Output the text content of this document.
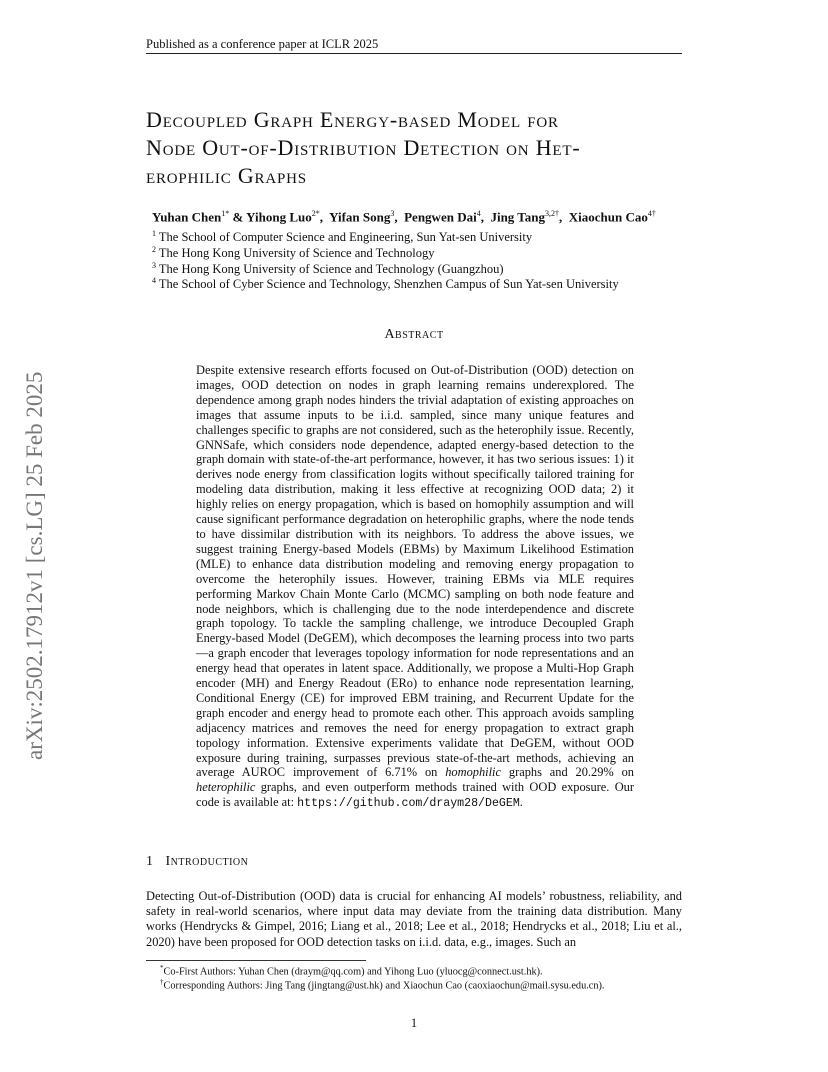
Published as a conference paper at ICLR 2025
Decoupled Graph Energy-based Model for
Node Out-of-Distribution Detection on Het-
erophilic Graphs
Yuhan Chen$^{1*}$ & Yihong Luo$^{2*}$,  Yifan Song$^3$,  Pengwen Dai$^4$,  Jing Tang$^{3,2\dagger}$,  Xiaochun Cao$^{4\dagger}$
$^1$ The School of Computer Science and Engineering, Sun Yat-sen University
$^2$ The Hong Kong University of Science and Technology
$^3$ The Hong Kong University of Science and Technology (Guangzhou)
$^4$ The School of Cyber Science and Technology, Shenzhen Campus of Sun Yat-sen University
arXiv:2502.17912v1 [cs.LG] 25 Feb 2025
Abstract

Despite extensive research efforts focused on Out-of-Distribution (OOD) detection on images, OOD detection on nodes in graph learning remains underexplored. The dependence among graph nodes hinders the trivial adaptation of existing approaches on images that assume inputs to be i.i.d. sampled, since many unique features and challenges specific to graphs are not considered, such as the heterophily issue. Recently, GNNSafe, which considers node dependence, adapted energy-based detection to the graph domain with state-of-the-art performance, however, it has two serious issues: 1) it derives node energy from classification logits without specifically tailored training for modeling data distribution, making it less effective at recognizing OOD data; 2) it highly relies on energy propagation, which is based on homophily assumption and will cause significant performance degradation on heterophilic graphs, where the node tends to have dissimilar distribution with its neighbors. To address the above issues, we suggest training Energy-based Models (EBMs) by Maximum Likelihood Estimation (MLE) to enhance data distribution modeling and removing energy propagation to overcome the heterophily issues. However, training EBMs via MLE requires performing Markov Chain Monte Carlo (MCMC) sampling on both node feature and node neighbors, which is challenging due to the node interdependence and discrete graph topology. To tackle the sampling challenge, we introduce Decoupled Graph Energy-based Model (DeGEM), which decomposes the learning process into two parts—a graph encoder that leverages topology information for node representations and an energy head that operates in latent space. Additionally, we propose a Multi-Hop Graph encoder (MH) and Energy Readout (ERo) to enhance node representation learning, Conditional Energy (CE) for improved EBM training, and Recurrent Update for the graph encoder and energy head to promote each other. This approach avoids sampling adjacency matrices and removes the need for energy propagation to extract graph topology information. Extensive experiments validate that DeGEM, without OOD exposure during training, surpasses previous state-of-the-art methods, achieving an average AUROC improvement of 6.71% on homophilic graphs and 20.29% on heterophilic graphs, and even outperform methods trained with OOD exposure. Our code is available at: https://github.com/draym28/DeGEM.

1 Introduction

Detecting Out-of-Distribution (OOD) data is crucial for enhancing AI models’ robustness, reliability, and safety in real-world scenarios, where input data may deviate from the training data distribution. Many works (Hendrycks & Gimpel, 2016; Liang et al., 2018; Lee et al., 2018; Hendrycks et al., 2018; Liu et al., 2020) have been proposed for OOD detection tasks on i.i.d. data, e.g., images. Such an

*Co-First Authors: Yuhan Chen (draym@qq.com) and Yihong Luo (yluocg@connect.ust.hk).
†Corresponding Authors: Jing Tang (jingtang@ust.hk) and Xiaochun Cao (caoxiaochun@mail.sysu.edu.cn).
1
